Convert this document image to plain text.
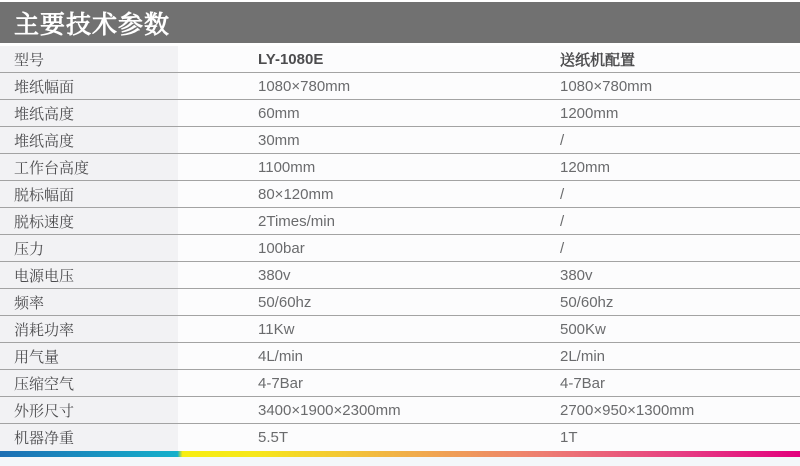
主要技术参数
型号	LY-1080E	送纸机配置
堆纸幅面	1080×780mm	1080×780mm
堆纸高度	60mm	1200mm
堆纸高度	30mm	/
工作台高度	1100mm	120mm
脱标幅面	80×120mm	/
脱标速度	2Times/min	/
压力	100bar	/
电源电压	380v	380v
频率	50/60hz	50/60hz
消耗功率	11Kw	500Kw
用气量	4L/min	2L/min
压缩空气	4-7Bar	4-7Bar
外形尺寸	3400×1900×2300mm	2700×950×1300mm
机器净重	5.5T	1T
